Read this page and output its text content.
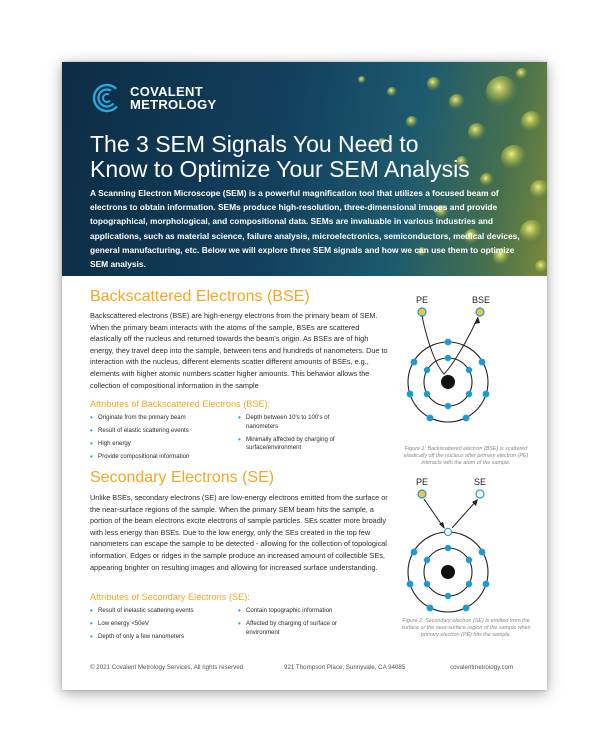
COVALENT
METROLOGY
The 3 SEM Signals You Need to
Know to Optimize Your SEM Analysis
A Scanning Electron Microscope (SEM) is a powerful magnification tool that utilizes a focused beam of electrons to obtain information. SEMs produce high-resolution, three-dimensional images and provide topographical, morphological, and compositional data. SEMs are invaluable in various industries and applications, such as material science, failure analysis, microelectronics, semiconductors, medical devices, general manufacturing, etc. Below we will explore three SEM signals and how we can use them to optimize SEM analysis.
Backscattered Electrons (BSE)
Backscattered electrons (BSE) are high-energy electrons from the primary beam of SEM. When the primary beam interacts with the atoms of the sample, BSEs are scattered elastically off the nucleus and returned towards the beam's origin. As BSEs are of high energy, they travel deep into the sample, between tens and hundreds of nanometers. Due to interaction with the nucleus, different elements scatter different amounts of BSEs, e.g., elements with higher atomic numbers scatter higher amounts. This behavior allows the collection of compositional information in the sample
Attributes of Backscattered Electrons (BSE):
• Originate from the primary beam
• Result of elastic scattering events
• High energy
• Provide compositional information
• Depth between 10's to 100's of nanometers
• Minimally affected by charging of surface/environment
PE	BSE
Figure 1: Backscattered electron (BSE) is scattered elastically off the nucleus after primary electron (PE) interacts with the atom of the sample.
Secondary Electrons (SE)
Unlike BSEs, secondary electrons (SE) are low-energy electrons emitted from the surface or the near-surface regions of the sample. When the primary SEM beam hits the sample, a portion of the beam electrons excite electrons of sample particles. SEs scatter more broadly with less energy than BSEs. Due to the low energy, only the SEs created in the top few nanometers can escape the sample to be detected - allowing for the collection of topological information. Edges or ridges in the sample produce an increased amount of collectible SEs, appearing brighter on resulting images and allowing for increased surface understanding.
Attributes of Secondary Electrons (SE):
• Result of inelastic scattering events
• Low energy <50eV
• Depth of only a few nanometers
• Contain topographic information
• Affected by charging of surface or environment
PE	SE
Figure 2: Secondary electron (SE) is emitted from the surface or the near-surface region of the sample when primary electron (PE) hits the sample.
© 2021 Covalent Metrology Services, All rights reserved	921 Thompson Place, Sunnyvale, CA 94085	covalentmetrology.com
